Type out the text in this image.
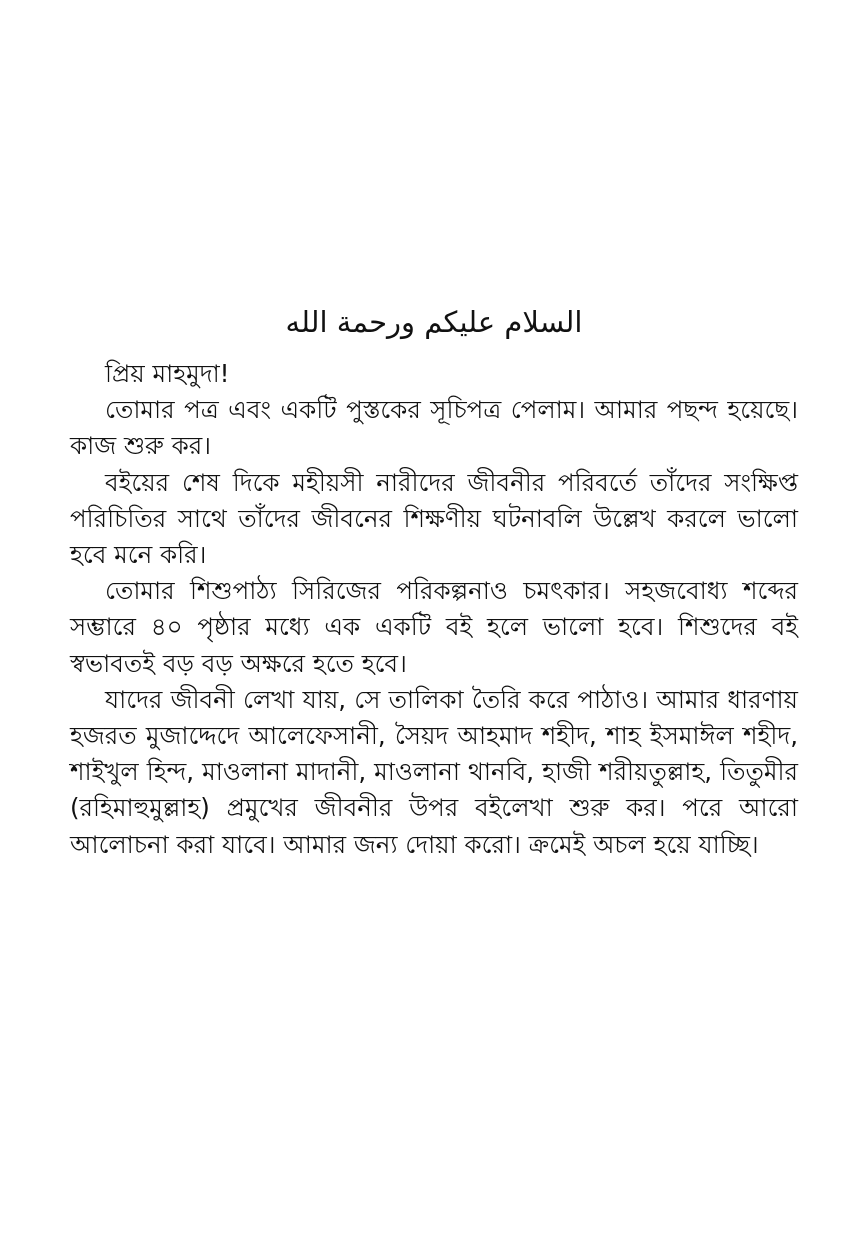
السلام عليكم ورحمة الله

প্রিয় মাহমুদা!

তোমার পত্র এবং একটি পুস্তকের সূচিপত্র পেলাম। আমার পছন্দ হয়েছে। কাজ শুরু কর।

বইয়ের শেষ দিকে মহীয়সী নারীদের জীবনীর পরিবর্তে তাঁদের সংক্ষিপ্ত পরিচিতির সাথে তাঁদের জীবনের শিক্ষণীয় ঘটনাবলি উল্লেখ করলে ভালো হবে মনে করি।

তোমার শিশুপাঠ্য সিরিজের পরিকল্পনাও চমৎকার। সহজবোধ্য শব্দের সম্ভারে ৪০ পৃষ্ঠার মধ্যে এক একটি বই হলে ভালো হবে। শিশুদের বই স্বভাবতই বড় বড় অক্ষরে হতে হবে।

যাদের জীবনী লেখা যায়, সে তালিকা তৈরি করে পাঠাও। আমার ধারণায় হজরত মুজাদ্দেদে আলেফেসানী, সৈয়দ আহমাদ শহীদ, শাহ ইসমাঈল শহীদ, শাইখুল হিন্দ, মাওলানা মাদানী, মাওলানা থানবি, হাজী শরীয়তুল্লাহ, তিতুমীর (রহিমাহুমুল্লাহ) প্রমুখের জীবনীর উপর বইলেখা শুরু কর। পরে আরো আলোচনা করা যাবে। আমার জন্য দোয়া করো। ক্রমেই অচল হয়ে যাচ্ছি।
